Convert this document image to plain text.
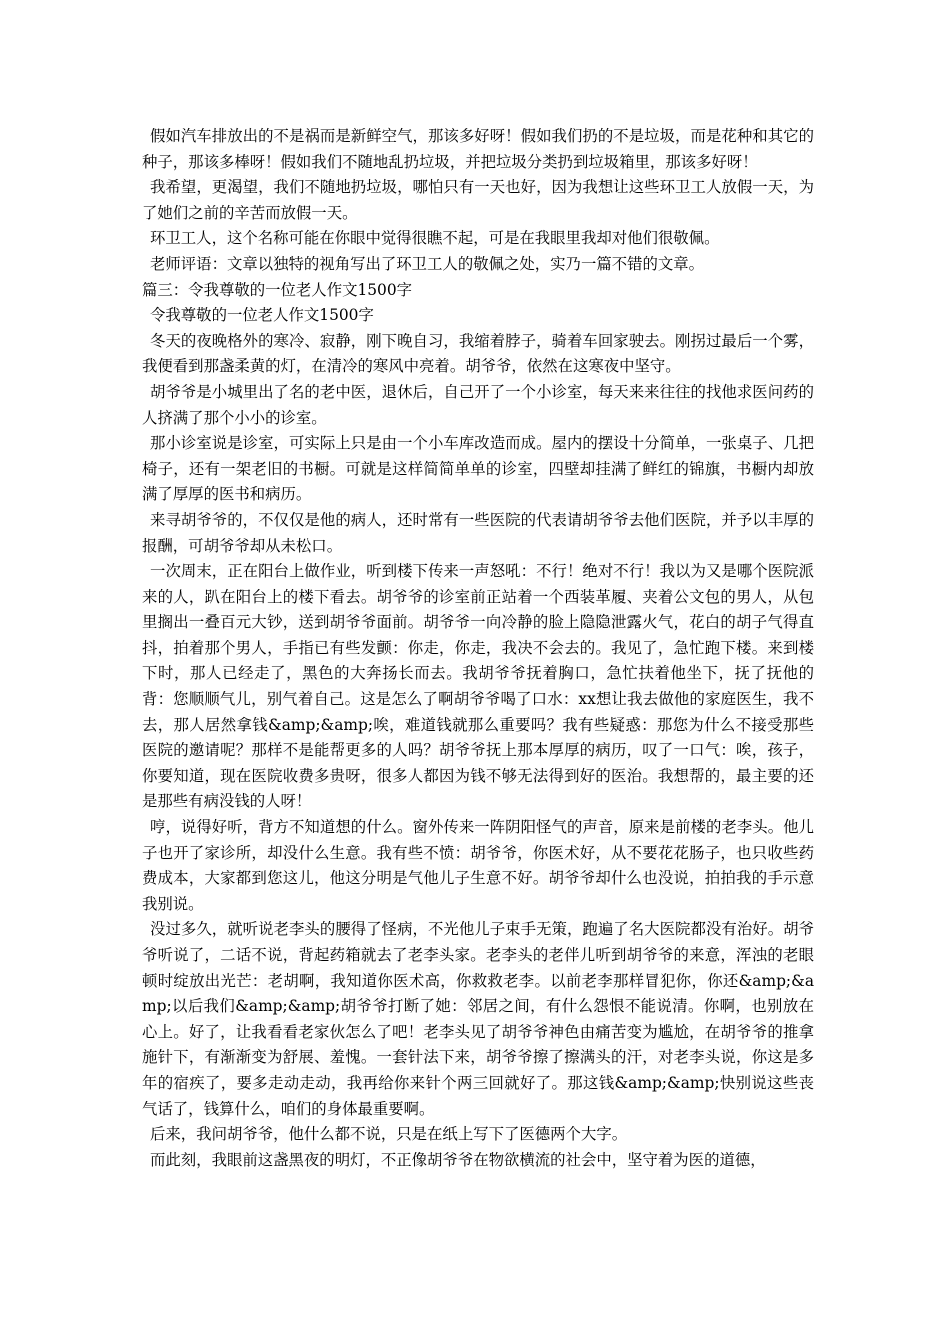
假如汽车排放出的不是祸而是新鲜空气，那该多好呀！假如我们扔的不是垃圾，而是花种和其它的种子，那该多棒呀！假如我们不随地乱扔垃圾，并把垃圾分类扔到垃圾箱里，那该多好呀！

我希望，更渴望，我们不随地扔垃圾，哪怕只有一天也好，因为我想让这些环卫工人放假一天，为了她们之前的辛苦而放假一天。

环卫工人，这个名称可能在你眼中觉得很瞧不起，可是在我眼里我却对他们很敬佩。

老师评语：文章以独特的视角写出了环卫工人的敬佩之处，实乃一篇不错的文章。

篇三：令我尊敬的一位老人作文1500字

令我尊敬的一位老人作文1500字

冬天的夜晚格外的寒冷、寂静，刚下晚自习，我缩着脖子，骑着车回家驶去。刚拐过最后一个雾，我便看到那盏柔黄的灯，在清冷的寒风中亮着。胡爷爷，依然在这寒夜中坚守。

胡爷爷是小城里出了名的老中医，退休后，自己开了一个小诊室，每天来来往往的找他求医问药的人挤满了那个小小的诊室。

那小诊室说是诊室，可实际上只是由一个小车库改造而成。屋内的摆设十分简单，一张桌子、几把椅子，还有一架老旧的书橱。可就是这样简简单单的诊室，四壁却挂满了鲜红的锦旗，书橱内却放满了厚厚的医书和病历。

来寻胡爷爷的，不仅仅是他的病人，还时常有一些医院的代表请胡爷爷去他们医院，并予以丰厚的报酬，可胡爷爷却从未松口。

一次周末，正在阳台上做作业，听到楼下传来一声怒吼：不行！绝对不行！我以为又是哪个医院派来的人，趴在阳台上的楼下看去。胡爷爷的诊室前正站着一个西装革履、夹着公文包的男人，从包里搁出一叠百元大钞，送到胡爷爷面前。胡爷爷一向冷静的脸上隐隐泄露火气，花白的胡子气得直抖，拍着那个男人，手指已有些发颤：你走，你走，我决不会去的。我见了，急忙跑下楼。来到楼下时，那人已经走了，黑色的大奔扬长而去。我胡爷爷抚着胸口，急忙扶着他坐下，抚了抚他的背：您顺顺气儿，别气着自己。这是怎么了啊胡爷爷喝了口水：xx想让我去做他的家庭医生，我不去，那人居然拿钱&amp;&amp;唉，难道钱就那么重要吗？我有些疑惑：那您为什么不接受那些医院的邀请呢？那样不是能帮更多的人吗？胡爷爷抚上那本厚厚的病历，叹了一口气：唉，孩子，你要知道，现在医院收费多贵呀，很多人都因为钱不够无法得到好的医治。我想帮的，最主要的还是那些有病没钱的人呀！

哼，说得好听，背方不知道想的什么。窗外传来一阵阴阳怪气的声音，原来是前楼的老李头。他儿子也开了家诊所，却没什么生意。我有些不愤：胡爷爷，你医术好，从不要花花肠子，也只收些药费成本，大家都到您这儿，他这分明是气他儿子生意不好。胡爷爷却什么也没说，拍拍我的手示意我别说。

没过多久，就听说老李头的腰得了怪病，不光他儿子束手无策，跑遍了名大医院都没有治好。胡爷爷听说了，二话不说，背起药箱就去了老李头家。老李头的老伴儿听到胡爷爷的来意，浑浊的老眼顿时绽放出光芒：老胡啊，我知道你医术高，你救救老李。以前老李那样冒犯你，你还&amp;&amp;以后我们&amp;&amp;胡爷爷打断了她：邻居之间，有什么怨恨不能说清。你啊，也别放在心上。好了，让我看看老家伙怎么了吧！老李头见了胡爷爷神色由痛苦变为尴尬，在胡爷爷的推拿施针下，有渐渐变为舒展、羞愧。一套针法下来，胡爷爷擦了擦满头的汗，对老李头说，你这是多年的宿疾了，要多走动走动，我再给你来针个两三回就好了。那这钱&amp;&amp;快别说这些丧气话了，钱算什么，咱们的身体最重要啊。

后来，我问胡爷爷，他什么都不说，只是在纸上写下了医德两个大字。

而此刻，我眼前这盏黑夜的明灯，不正像胡爷爷在物欲横流的社会中，坚守着为医的道德，
